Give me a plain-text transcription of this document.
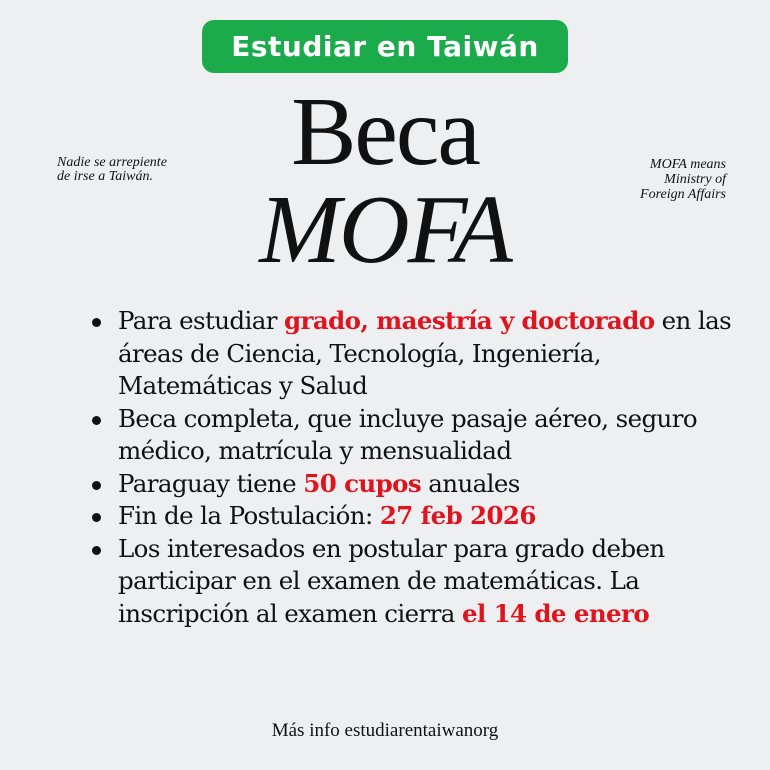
Estudiar en Taiwán
Nadie se arrepiente
de irse a Taiwán.	Beca
MOFA
MOFA means
Ministry of
Foreign Affairs
Para estudiar grado, maestría y doctorado en las áreas de Ciencia, Tecnología, Ingeniería, Matemáticas y Salud
Beca completa, que incluye pasaje aéreo, seguro médico, matrícula y mensualidad
Paraguay tiene 50 cupos anuales
Fin de la Postulación: 27 feb 2026
Los interesados en postular para grado deben participar en el examen de matemáticas. La inscripción al examen cierra el 14 de enero
Más info estudiarentaiwanorg
